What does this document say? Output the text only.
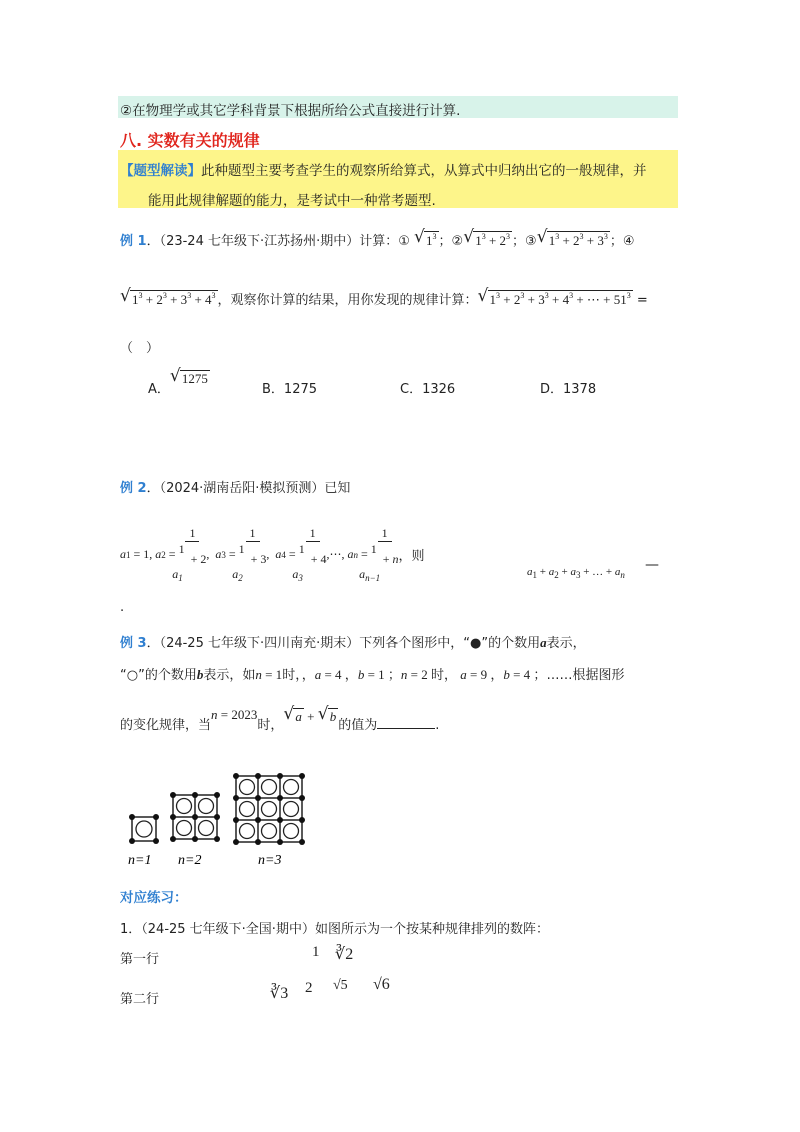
②在物理学或其它学科背景下根据所给公式直接进行计算.
八. 实数有关的规律
【题型解读】此种题型主要考查学生的观察所给算式，从算式中归纳出它的一般规律，并
能用此规律解题的能力，是考试中一种常考题型.
例 1．（23-24 七年级下·江苏扬州·期中）计算：① √ $1^3$ ；② √ $1^3 + 2^3$ ；③ √ $1^3 + 2^3 + 3^3$ ；④
√ $1^3 + 2^3 + 3^3 + 4^3$ ，观察你计算的结果，用你发现的规律计算： √ $1^3 + 2^3 + 3^3 + 4^3$ + ⋯ + $51^3$ =
（　）
A．
√ 1275
B．1275	C．1326	D．1378
例 2．（2024·湖南岳阳·模拟预测）已知
a 1 = 1, a 2 =
1
1  + 2
$a_1$
, a 3 =
1
1  + 3
$a_2$
, a 4 =
1
1  + 4
$a_3$
,⋯, a n =
1
1  + n
$a_{n-1}$
，则
$a_1 + a_2 + a_3$ + … + $a_n$
—
.
例 3．（24-25 七年级下·四川南充·期末）下列各个图形中，“●”的个数用a表示，
“○”的个数用b表示，如n = 1时，，a = 4 ，b = 1 ；n = 2 时， a = 9 ，b = 4 ；……根据图形
的变化规律，当n = 2023时，
√ a + √ b的值为	.
n=1 n=2	n=3
对应练习：
1．（24-25 七年级下·全国·期中）如图所示为一个按某种规律排列的数阵：
第一行	1 ∛2
第二行	∛3 2 √5 √6
